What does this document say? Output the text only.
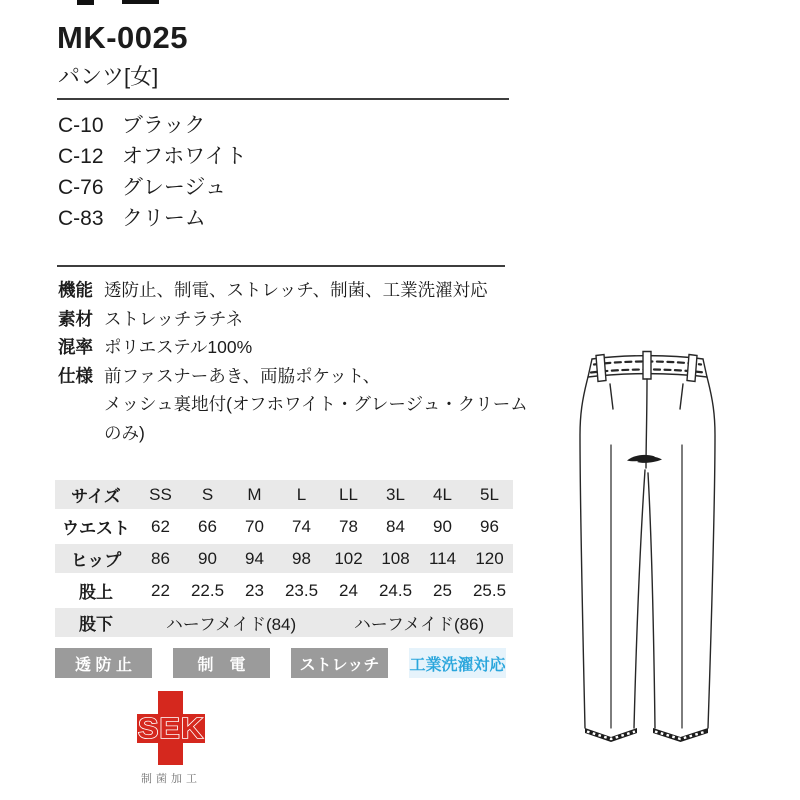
MK-0025
パンツ[女]
C-10 ブラック
C-12 オフホワイト
C-76 グレージュ
C-83 クリーム
機能 透防止、制電、ストレッチ、制菌、工業洗濯対応
素材 ストレッチラチネ
混率 ポリエステル100%
仕様 前ファスナーあき、両脇ポケット、
メッシュ裏地付(オフホワイト・グレージュ・クリーム
のみ)
サイズ	SS	S	M	L	LL	3L	4L	5L
ウエスト	62	66	70	74	78	84	90	96
ヒップ	86	90	94	98	102	108	114	120
股上	22	22.5	23	23.5	24	24.5	25	25.5
股下	ハーフメイド(84)				ハーフメイド(86)			
透 防 止	制　電	ストレッチ	工業洗濯対応
SEK
制菌加工
